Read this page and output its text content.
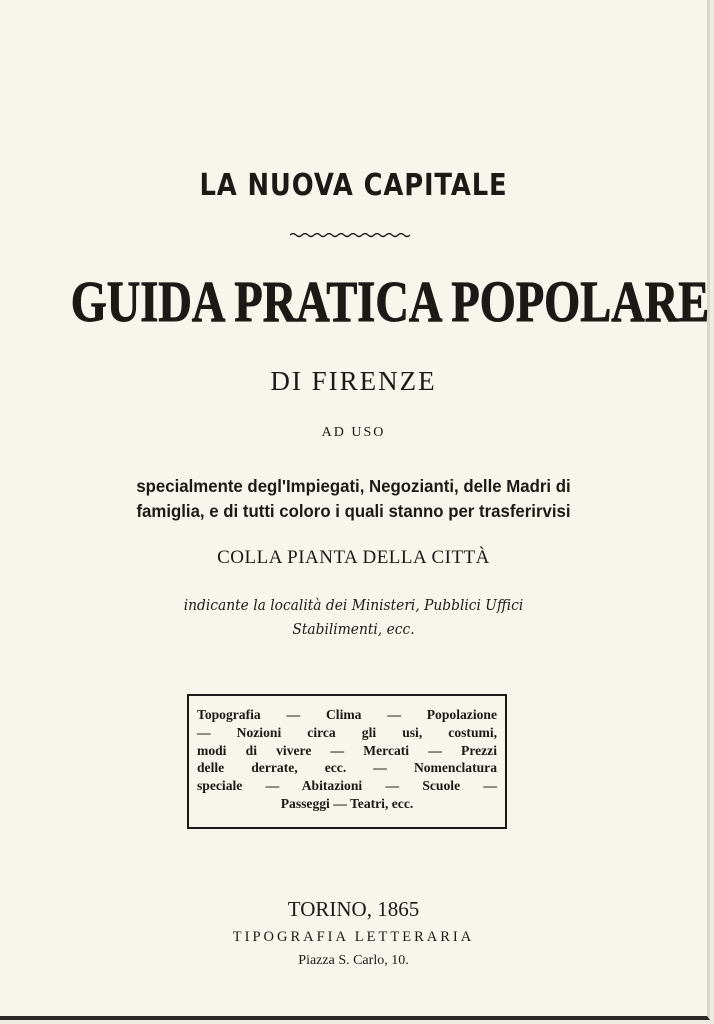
LA NUOVA CAPITALE
GUIDA PRATICA POPOLARE
DI FIRENZE
AD USO
specialmente degl'Impiegati, Negozianti, delle Madri di
famiglia, e di tutti coloro i quali stanno per trasferirvisi
COLLA PIANTA DELLA CITTÀ
indicante la località dei Ministeri, Pubblici Uffici
Stabilimenti, ecc.
Topografia — Clima — Popolazione
— Nozioni circa gli usi, costumi,
modi di vivere — Mercati — Prezzi
delle derrate, ecc. — Nomenclatura
speciale — Abitazioni — Scuole —
Passeggi — Teatri, ecc.
TORINO, 1865
TIPOGRAFIA LETTERARIA
Piazza S. Carlo, 10.
